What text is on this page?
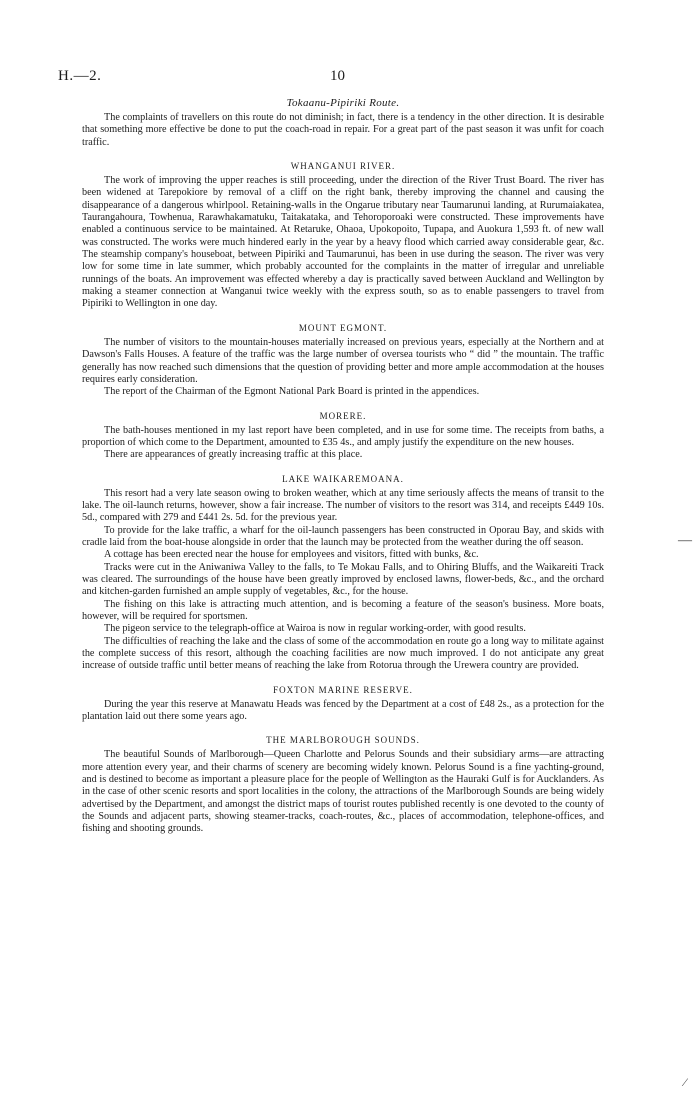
H.—2.	10
Tokaanu-Pipiriki Route.

The complaints of travellers on this route do not diminish; in fact, there is a tendency in the other direction. It is desirable that something more effective be done to put the coach-road in repair. For a great part of the past season it was unfit for coach traffic.

WHANGANUI RIVER.

The work of improving the upper reaches is still proceeding, under the direction of the River Trust Board. The river has been widened at Tarepokiore by removal of a cliff on the right bank, thereby improving the channel and causing the disappearance of a dangerous whirlpool. Retaining-walls in the Ongarue tributary near Taumarunui landing, at Rurumaiakatea, Taurangahoura, Towhenua, Rarawhakamatuku, Taitakataka, and Tehoroporoaki were constructed. These improvements have enabled a continuous service to be maintained. At Retaruke, Ohaoa, Upokopoito, Tupapa, and Auokura 1,593 ft. of new wall was constructed. The works were much hindered early in the year by a heavy flood which carried away considerable gear, &c. The steamship company's houseboat, between Pipiriki and Taumarunui, has been in use during the season. The river was very low for some time in late summer, which probably accounted for the complaints in the matter of irregular and unreliable runnings of the boats. An improvement was effected whereby a day is practically saved between Auckland and Wellington by making a steamer connection at Wanganui twice weekly with the express south, so as to enable passengers to travel from Pipiriki to Wellington in one day.

MOUNT EGMONT.

The number of visitors to the mountain-houses materially increased on previous years, especially at the Northern and at Dawson's Falls Houses. A feature of the traffic was the large number of oversea tourists who “ did ” the mountain. The traffic generally has now reached such dimensions that the question of providing better and more ample accommodation at the houses requires early consideration.

The report of the Chairman of the Egmont National Park Board is printed in the appendices.

MORERE.

The bath-houses mentioned in my last report have been completed, and in use for some time. The receipts from baths, a proportion of which come to the Department, amounted to £35 4s., and amply justify the expenditure on the new houses.

There are appearances of greatly increasing traffic at this place.

LAKE WAIKAREMOANA.

This resort had a very late season owing to broken weather, which at any time seriously affects the means of transit to the lake. The oil-launch returns, however, show a fair increase. The number of visitors to the resort was 314, and receipts £449 10s. 5d., compared with 279 and £441 2s. 5d. for the previous year.

To provide for the lake traffic, a wharf for the oil-launch passengers has been constructed in Oporau Bay, and skids with cradle laid from the boat-house alongside in order that the launch may be protected from the weather during the off season.

A cottage has been erected near the house for employees and visitors, fitted with bunks, &c.

Tracks were cut in the Aniwaniwa Valley to the falls, to Te Mokau Falls, and to Ohiring Bluffs, and the Waikareiti Track was cleared. The surroundings of the house have been greatly improved by enclosed lawns, flower-beds, &c., and the orchard and kitchen-garden furnished an ample supply of vegetables, &c., for the house.

The fishing on this lake is attracting much attention, and is becoming a feature of the season's business. More boats, however, will be required for sportsmen.

The pigeon service to the telegraph-office at Wairoa is now in regular working-order, with good results.

The difficulties of reaching the lake and the class of some of the accommodation en route go a long way to militate against the complete success of this resort, although the coaching facilities are now much improved. I do not anticipate any great increase of outside traffic until better means of reaching the lake from Rotorua through the Urewera country are provided.

FOXTON MARINE RESERVE.

During the year this reserve at Manawatu Heads was fenced by the Department at a cost of £48 2s., as a protection for the plantation laid out there some years ago.

THE MARLBOROUGH SOUNDS.

The beautiful Sounds of Marlborough—Queen Charlotte and Pelorus Sounds and their subsidiary arms—are attracting more attention every year, and their charms of scenery are becoming widely known. Pelorus Sound is a fine yachting-ground, and is destined to become as important a pleasure place for the people of Wellington as the Hauraki Gulf is for Aucklanders. As in the case of other scenic resorts and sport localities in the colony, the attractions of the Marlborough Sounds are being widely advertised by the Department, and amongst the district maps of tourist routes published recently is one devoted to the county of the Sounds and adjacent parts, showing steamer-tracks, coach-routes, &c., places of accommodation, telephone-offices, and fishing and shooting grounds.

—
⁄
